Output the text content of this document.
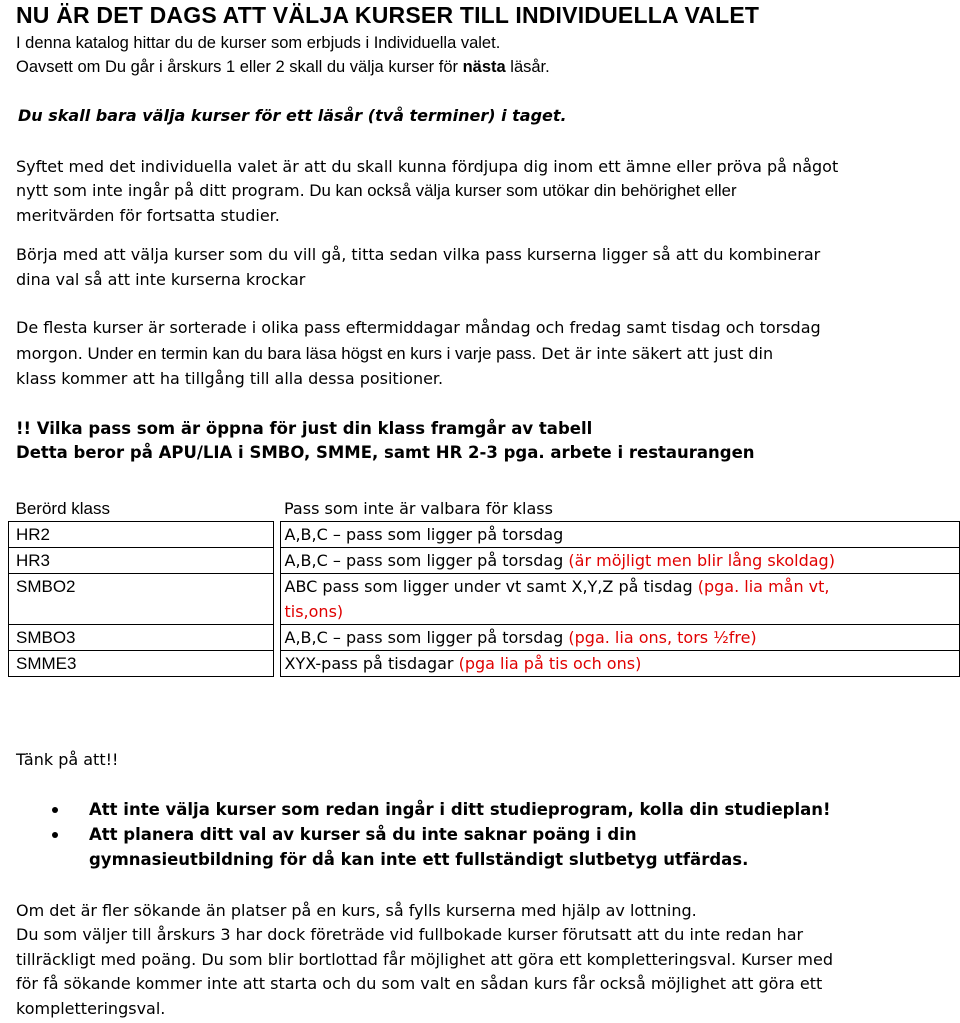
NU ÄR DET DAGS ATT VÄLJA KURSER TILL INDIVIDUELLA VALET
I denna katalog hittar du de kurser som erbjuds i Individuella valet.
Oavsett om Du går i årskurs 1 eller 2 skall du välja kurser för nästa läsår.
Du skall bara välja kurser för ett läsår (två terminer) i taget.
Syftet med det individuella valet är att du skall kunna fördjupa dig inom ett ämne eller pröva på något
nytt som inte ingår på ditt program. Du kan också välja kurser som utökar din behörighet eller
meritvärden för fortsatta studier.
Börja med att välja kurser som du vill gå, titta sedan vilka pass kurserna ligger så att du kombinerar
dina val så att inte kurserna krockar
De flesta kurser är sorterade i olika pass eftermiddagar måndag och fredag samt tisdag och torsdag
morgon. Under en termin kan du bara läsa högst en kurs i varje pass. Det är inte säkert att just din
klass kommer att ha tillgång till alla dessa positioner.
!! Vilka pass som är öppna för just din klass framgår av tabell
Detta beror på APU/LIA i SMBO, SMME, samt HR 2-3 pga. arbete i restaurangen
Berörd klass		Pass som inte är valbara för klass
HR2		A,B,C – pass som ligger på torsdag
HR3		A,B,C – pass som ligger på torsdag (är möjligt men blir lång skoldag)
SMBO2		ABC pass som ligger under vt samt X,Y,Z på tisdag (pga. lia mån vt,
tis,ons)
SMBO3		A,B,C – pass som ligger på torsdag (pga. lia ons, tors ½fre)
SMME3		XYX-pass på tisdagar (pga lia på tis och ons)
Tänk på att!!
Att inte välja kurser som redan ingår i ditt studieprogram, kolla din studieplan!
Att planera ditt val av kurser så du inte saknar poäng i din
gymnasieutbildning för då kan inte ett fullständigt slutbetyg utfärdas.
Om det är fler sökande än platser på en kurs, så fylls kurserna med hjälp av lottning.
Du som väljer till årskurs 3 har dock företräde vid fullbokade kurser förutsatt att du inte redan har
tillräckligt med poäng. Du som blir bortlottad får möjlighet att göra ett kompletteringsval. Kurser med
för få sökande kommer inte att starta och du som valt en sådan kurs får också möjlighet att göra ett
kompletteringsval.
